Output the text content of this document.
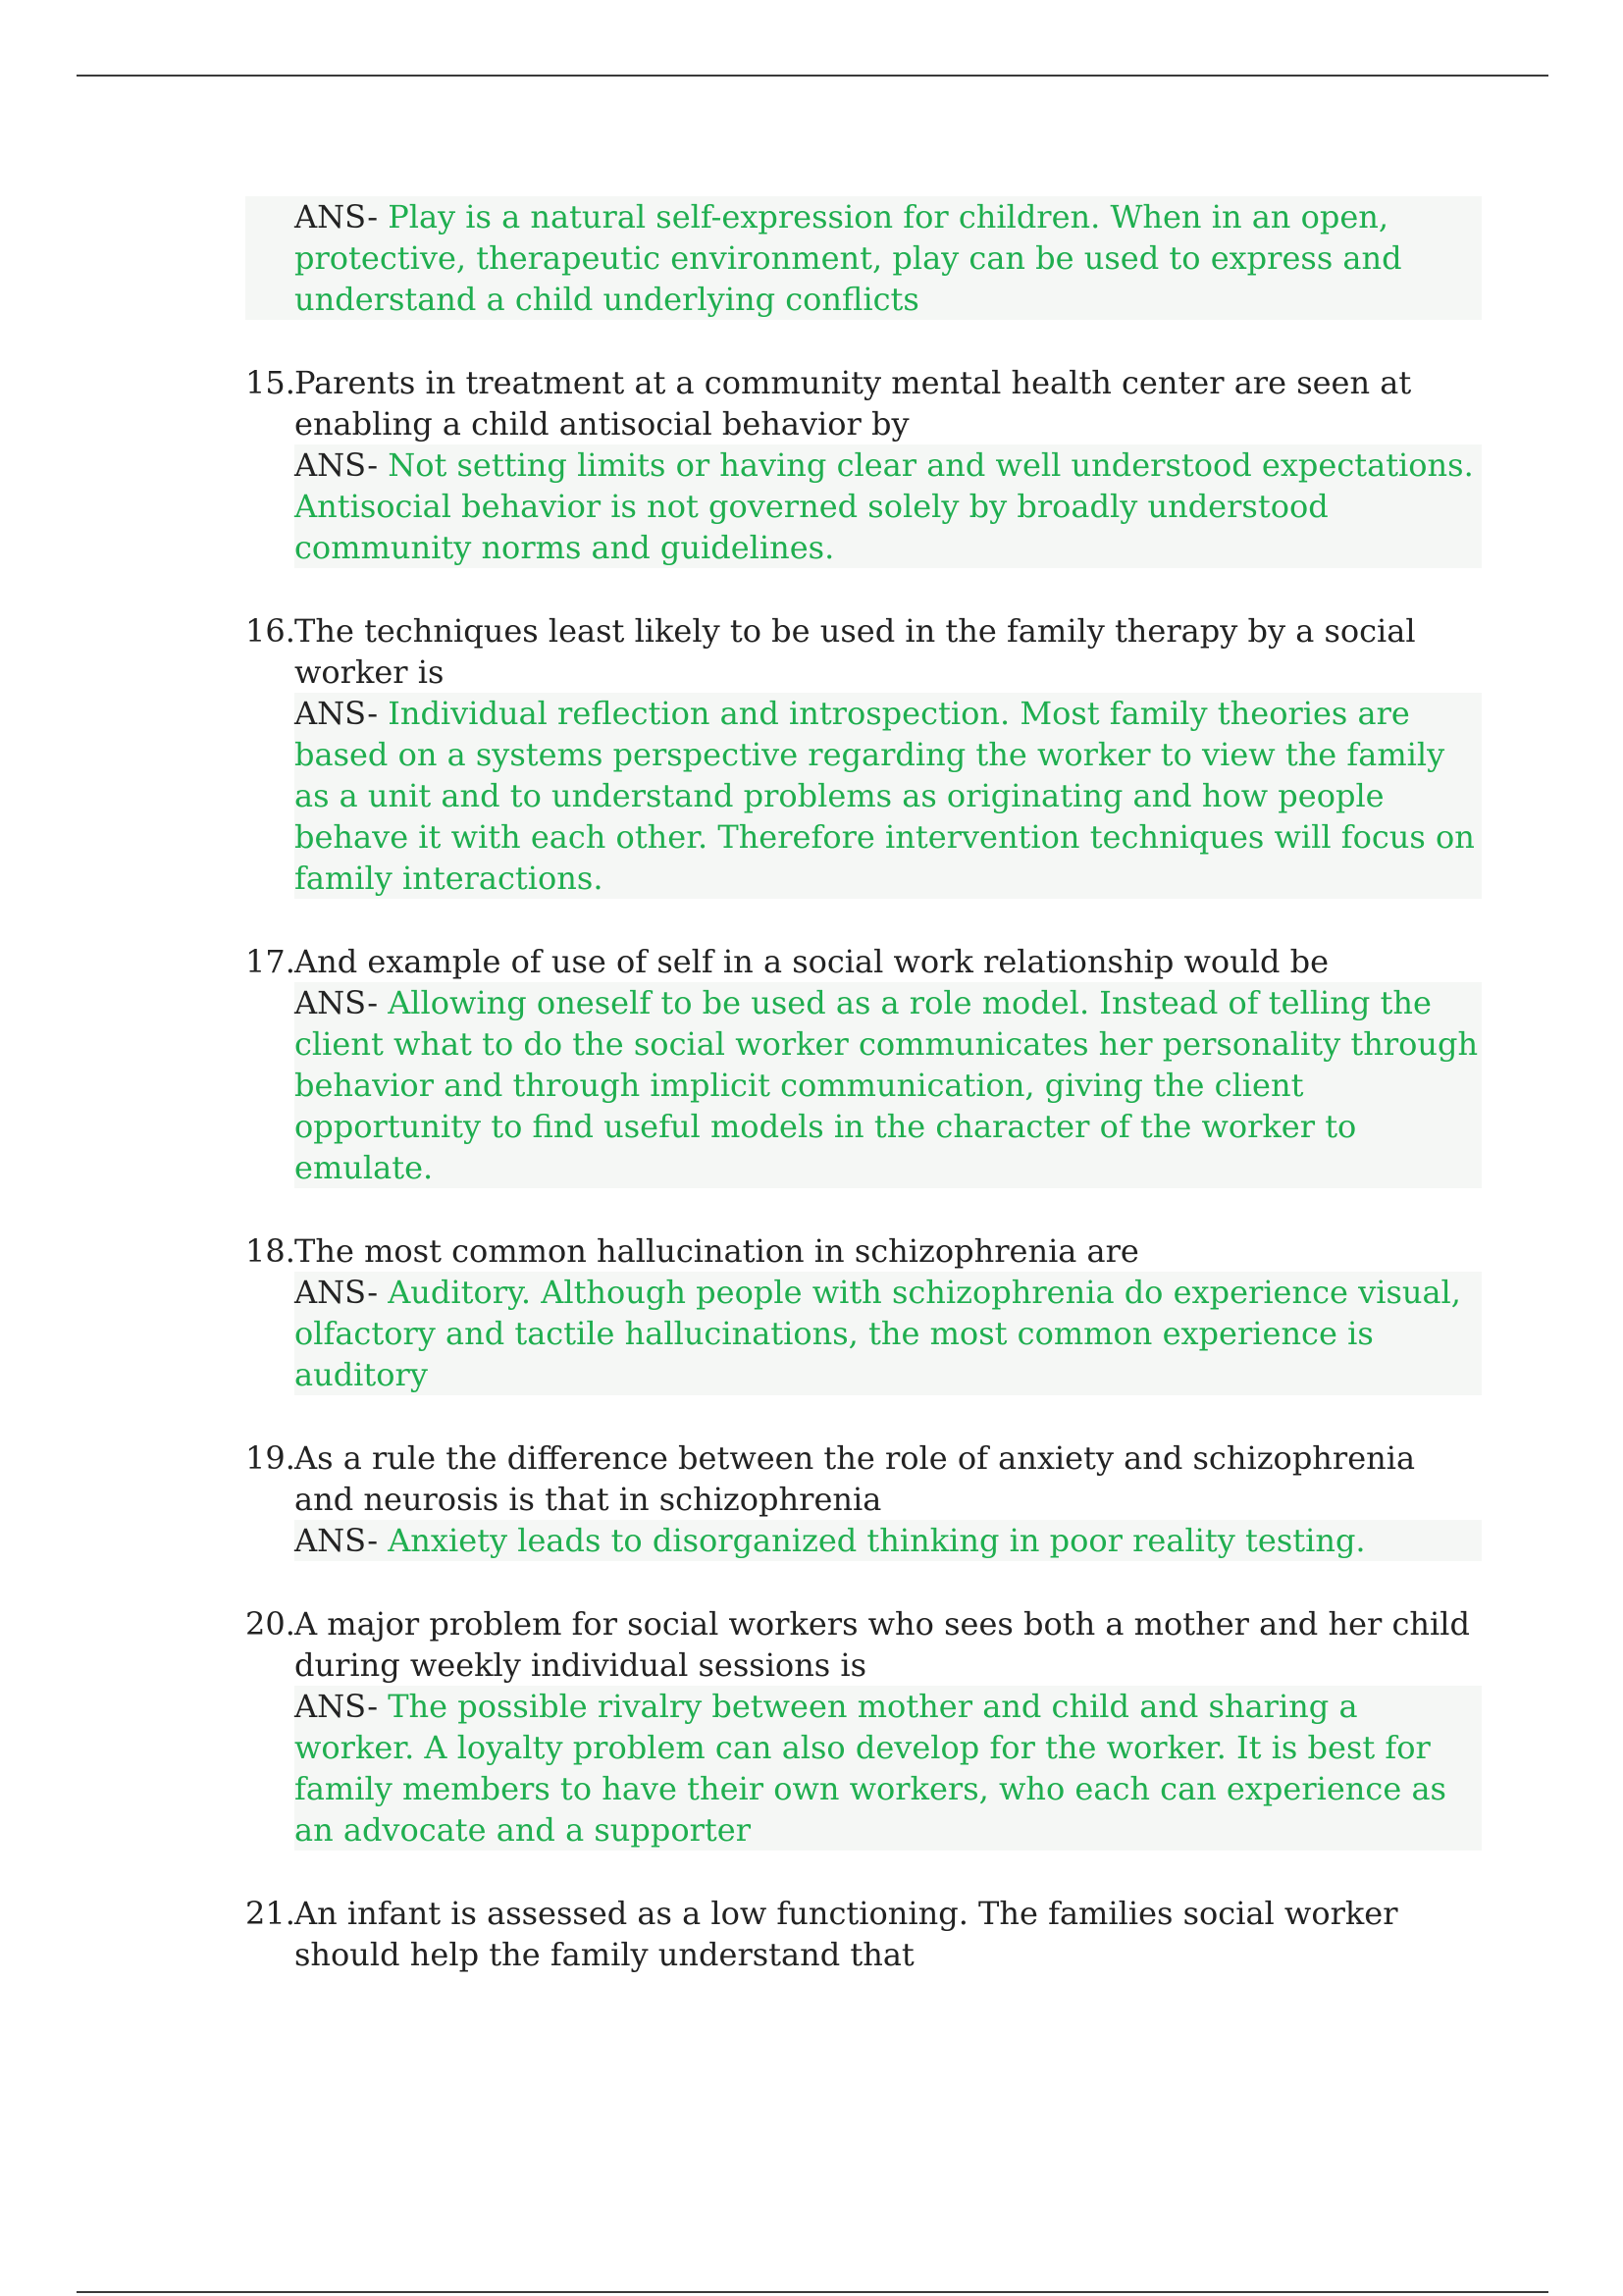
ANS- Play is a natural self-expression for children. When in an open, protective, therapeutic environment, play can be used to express and understand a child underlying conflicts
15. Parents in treatment at a community mental health center are seen at enabling a child antisocial behavior by
ANS- Not setting limits or having clear and well understood expectations. Antisocial behavior is not governed solely by broadly understood community norms and guidelines.
16. The techniques least likely to be used in the family therapy by a social worker is
ANS- Individual reflection and introspection. Most family theories are based on a systems perspective regarding the worker to view the family as a unit and to understand problems as originating and how people behave it with each other. Therefore intervention techniques will focus on family interactions.
17. And example of use of self in a social work relationship would be
ANS- Allowing oneself to be used as a role model. Instead of telling the client what to do the social worker communicates her personality through behavior and through implicit communication, giving the client opportunity to find useful models in the character of the worker to emulate.
18. The most common hallucination in schizophrenia are
ANS- Auditory. Although people with schizophrenia do experience visual, olfactory and tactile hallucinations, the most common experience is auditory
19. As a rule the difference between the role of anxiety and schizophrenia and neurosis is that in schizophrenia
ANS- Anxiety leads to disorganized thinking in poor reality testing.
20. A major problem for social workers who sees both a mother and her child during weekly individual sessions is
ANS- The possible rivalry between mother and child and sharing a worker. A loyalty problem can also develop for the worker. It is best for family members to have their own workers, who each can experience as an advocate and a supporter
21. An infant is assessed as a low functioning. The families social worker should help the family understand that
